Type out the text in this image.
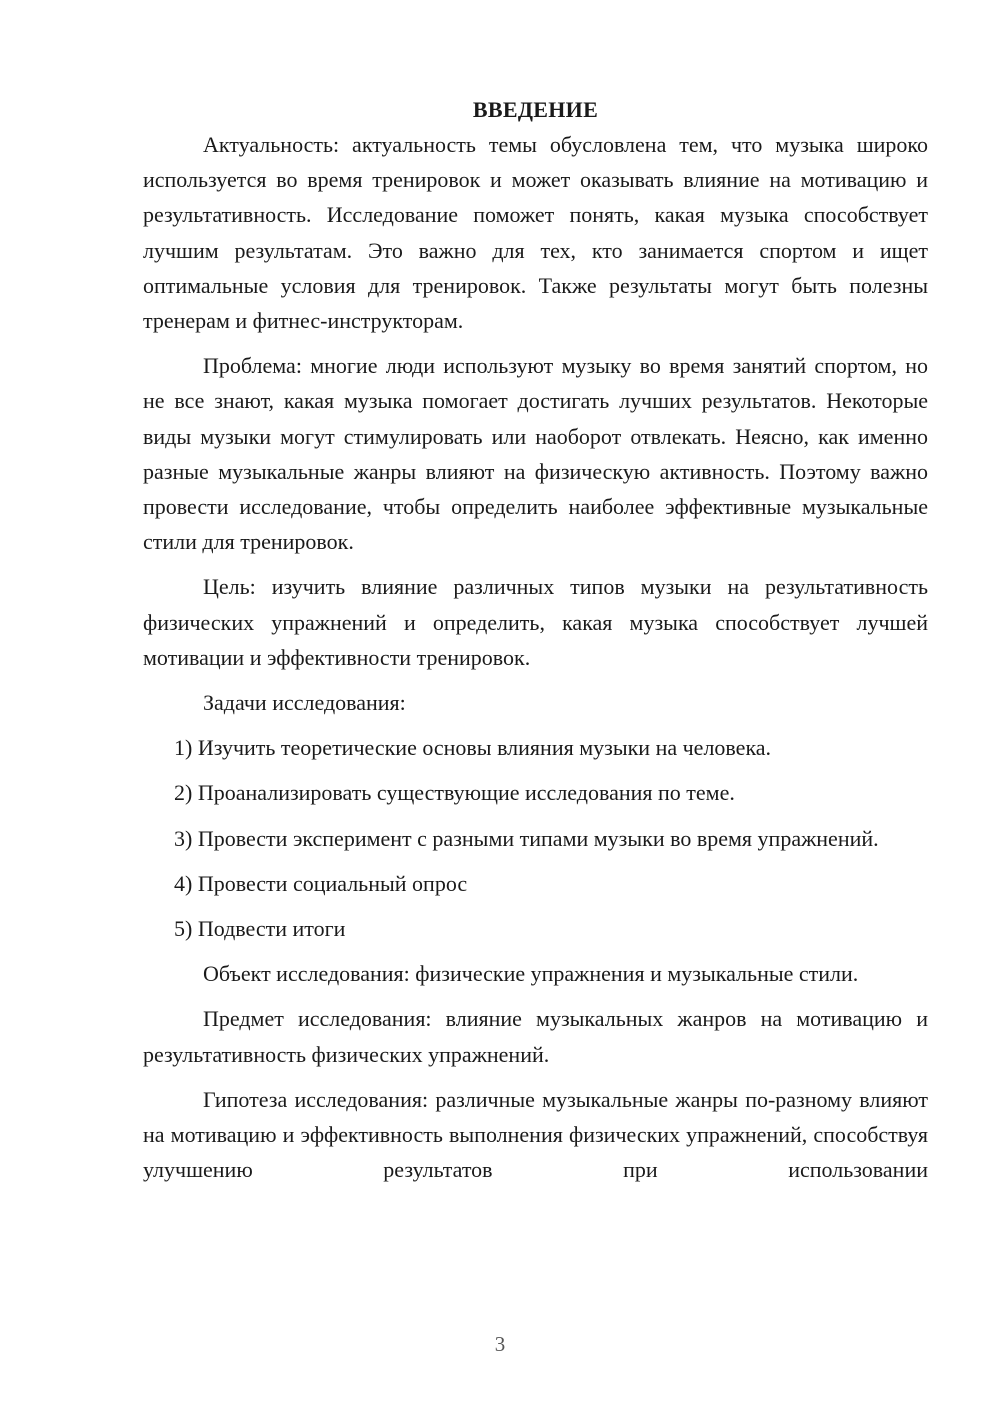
ВВЕДЕНИЕ

Актуальность: актуальность темы обусловлена тем, что музыка широко используется во время тренировок и может оказывать влияние на мотивацию и результативность. Исследование поможет понять, какая музыка способствует лучшим результатам. Это важно для тех, кто занимается спортом и ищет оптимальные условия для тренировок. Также результаты могут быть полезны тренерам и фитнес-инструкторам.

Проблема: многие люди используют музыку во время занятий спортом, но не все знают, какая музыка помогает достигать лучших результатов. Некоторые виды музыки могут стимулировать или наоборот отвлекать. Неясно, как именно разные музыкальные жанры влияют на физическую активность. Поэтому важно провести исследование, чтобы определить наиболее эффективные музыкальные стили для тренировок.

Цель: изучить влияние различных типов музыки на результативность физических упражнений и определить, какая музыка способствует лучшей мотивации и эффективности тренировок.

Задачи исследования:

1) Изучить теоретические основы влияния музыки на человека.

2) Проанализировать существующие исследования по теме.

3) Провести эксперимент с разными типами музыки во время упражнений.

4) Провести социальный опрос

5) Подвести итоги

Объект исследования: физические упражнения и музыкальные стили.

Предмет исследования: влияние музыкальных жанров на мотивацию и результативность физических упражнений.

Гипотеза исследования: различные музыкальные жанры по-разному влияют на мотивацию и эффективность выполнения физических упражнений, способствуя улучшению результатов при использовании

3
